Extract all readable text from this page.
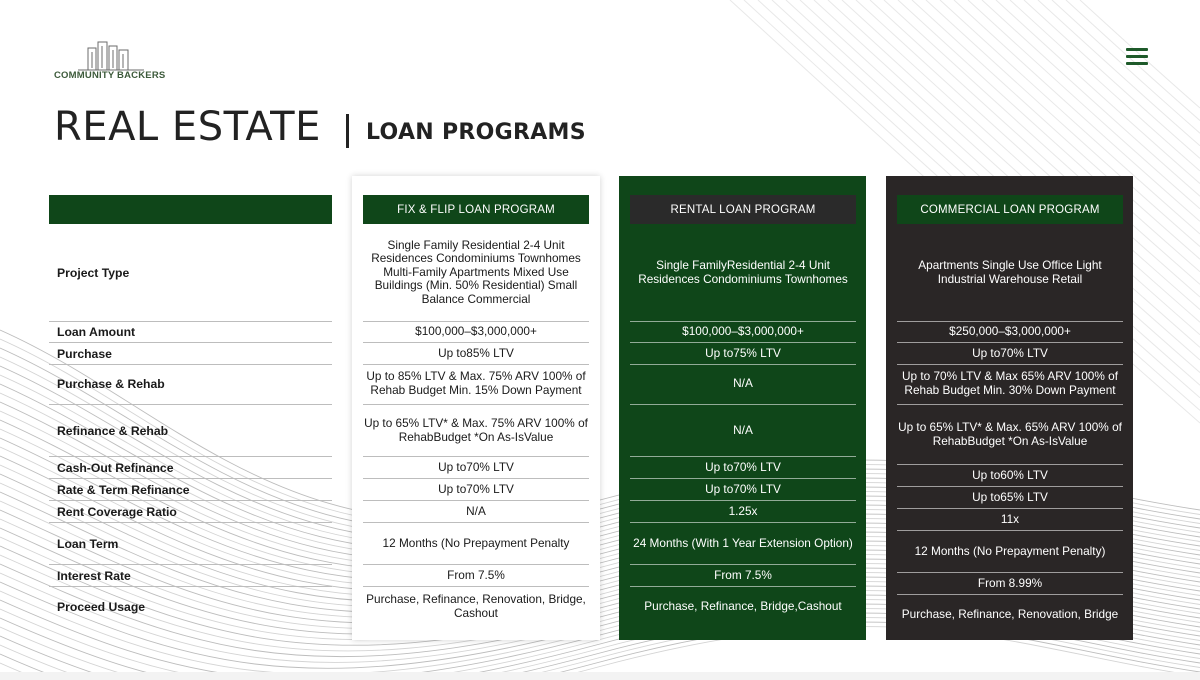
COMMUNITY BACKERS
REAL ESTATE LOAN PROGRAMS
Project Type
Loan Amount
Purchase
Purchase & Rehab
Refinance & Rehab
Cash-Out Refinance
Rate & Term Refinance
Rent Coverage Ratio
Loan Term
Interest Rate
Proceed Usage
FIX & FLIP LOAN PROGRAM
Single Family Residential 2-4 Unit Residences Condominiums Townhomes Multi-Family Apartments Mixed Use Buildings (Min. 50% Residential) Small Balance Commercial
$100,000–$3,000,000+
Up to85% LTV
Up to 85% LTV & Max. 75% ARV 100% of Rehab Budget Min. 15% Down Payment
Up to 65% LTV* & Max. 75% ARV 100% of RehabBudget *On As-IsValue
Up to70% LTV
Up to70% LTV
N/A
12 Months (No Prepayment Penalty
From 7.5%
Purchase, Refinance, Renovation, Bridge, Cashout
RENTAL LOAN PROGRAM
Single FamilyResidential 2-4 Unit Residences Condominiums Townhomes
$100,000–$3,000,000+
Up to75% LTV
N/A
N/A
Up to70% LTV
Up to70% LTV
1.25x
24 Months (With 1 Year Extension Option)
From 7.5%
Purchase, Refinance, Bridge,Cashout
COMMERCIAL LOAN PROGRAM
Apartments Single Use Office Light Industrial Warehouse Retail
$250,000–$3,000,000+
Up to70% LTV
Up to 70% LTV & Max 65% ARV 100% of Rehab Budget Min. 30% Down Payment
Up to 65% LTV* & Max. 65% ARV 100% of RehabBudget *On As-IsValue
Up to60% LTV
Up to65% LTV
11x
12 Months (No Prepayment Penalty)
From 8.99%
Purchase, Refinance, Renovation, Bridge
